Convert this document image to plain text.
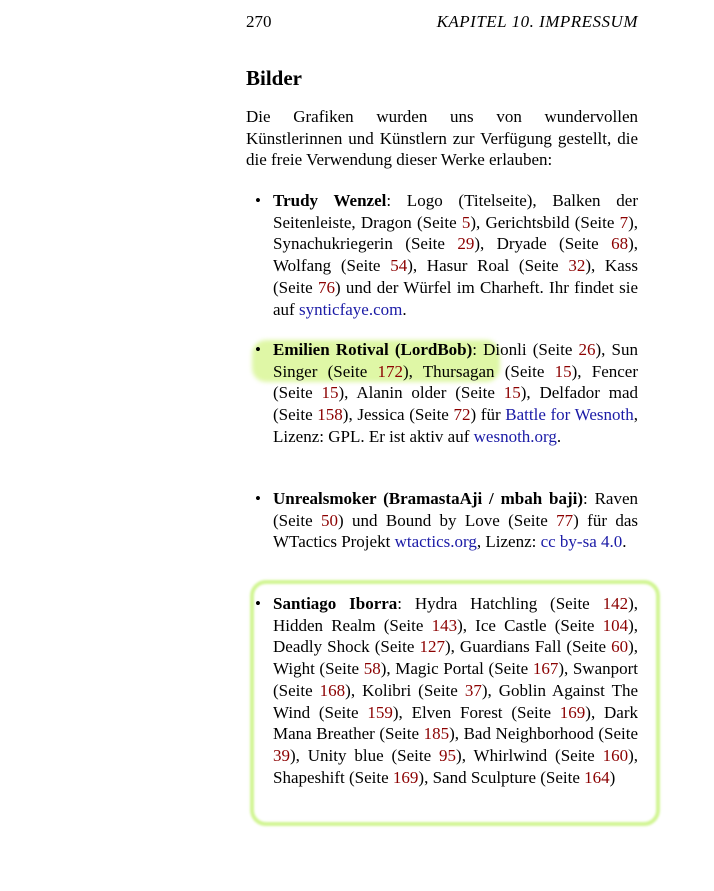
270	KAPITEL 10. IMPRESSUM
Bilder

Die Grafiken wurden uns von wundervollen Künstlerinnen und Künstlern zur Verfügung gestellt, die die freie Verwendung dieser Werke erlauben:

• Trudy Wenzel: Logo (Titelseite), Balken der Seitenleiste, Dragon (Seite 5), Gerichtsbild (Seite 7), Synachukriegerin (Seite 29), Dryade (Seite 68), Wolfang (Seite 54), Hasur Roal (Seite 32), Kass (Seite 76) und der Würfel im Charheft. Ihr findet sie auf synticfaye.com.
• Emilien Rotival (LordBob): Dionli (Seite 26), Sun Singer (Seite 172), Thursagan (Seite 15), Fencer (Seite 15), Alanin older (Seite 15), Delfador mad (Seite 158), Jessica (Seite 72) für Battle for Wesnoth, Lizenz: GPL. Er ist aktiv auf wesnoth.org.
• Unrealsmoker (BramastaAji / mbah baji): Raven (Seite 50) und Bound by Love (Seite 77) für das WTactics Projekt wtactics.org, Lizenz: cc by-sa 4.0.
• Santiago Iborra: Hydra Hatchling (Seite 142), Hidden Realm (Seite 143), Ice Castle (Seite 104), Deadly Shock (Seite 127), Guardians Fall (Seite 60), Wight (Seite 58), Magic Portal (Seite 167), Swanport (Seite 168), Kolibri (Seite 37), Goblin Against The Wind (Seite 159), Elven Forest (Seite 169), Dark Mana Breather (Seite 185), Bad Neighborhood (Seite 39), Unity blue (Seite 95), Whirlwind (Seite 160), Shapeshift (Seite 169), Sand Sculpture (Seite 164)
